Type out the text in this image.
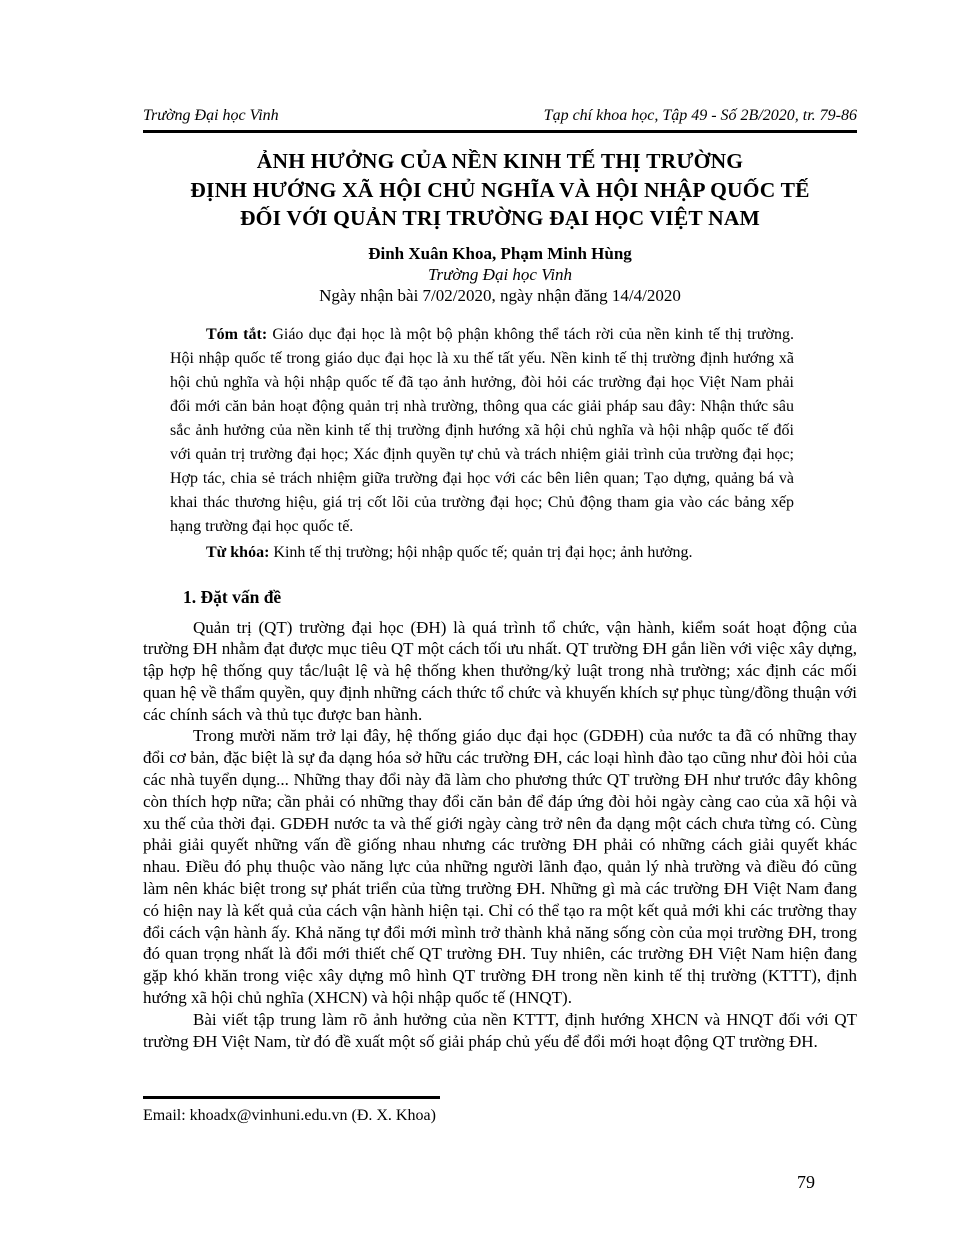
Trường Đại học Vinh	Tạp chí khoa học, Tập 49 - Số 2B/2020, tr. 79-86
ẢNH HƯỞNG CỦA NỀN KINH TẾ THỊ TRƯỜNG
ĐỊNH HƯỚNG XÃ HỘI CHỦ NGHĨA VÀ HỘI NHẬP QUỐC TẾ
ĐỐI VỚI QUẢN TRỊ TRƯỜNG ĐẠI HỌC VIỆT NAM
Đinh Xuân Khoa, Phạm Minh Hùng
Trường Đại học Vinh
Ngày nhận bài 7/02/2020, ngày nhận đăng 14/4/2020

Tóm tắt: Giáo dục đại học là một bộ phận không thể tách rời của nền kinh tế thị trường. Hội nhập quốc tế trong giáo dục đại học là xu thế tất yếu. Nền kinh tế thị trường định hướng xã hội chủ nghĩa và hội nhập quốc tế đã tạo ảnh hưởng, đòi hỏi các trường đại học Việt Nam phải đổi mới căn bản hoạt động quản trị nhà trường, thông qua các giải pháp sau đây: Nhận thức sâu sắc ảnh hưởng của nền kinh tế thị trường định hướng xã hội chủ nghĩa và hội nhập quốc tế đối với quản trị trường đại học; Xác định quyền tự chủ và trách nhiệm giải trình của trường đại học; Hợp tác, chia sẻ trách nhiệm giữa trường đại học với các bên liên quan; Tạo dựng, quảng bá và khai thác thương hiệu, giá trị cốt lõi của trường đại học; Chủ động tham gia vào các bảng xếp hạng trường đại học quốc tế.

Từ khóa: Kinh tế thị trường; hội nhập quốc tế; quản trị đại học; ảnh hưởng.

1. Đặt vấn đề

Quản trị (QT) trường đại học (ĐH) là quá trình tổ chức, vận hành, kiểm soát hoạt động của trường ĐH nhằm đạt được mục tiêu QT một cách tối ưu nhất. QT trường ĐH gắn liền với việc xây dựng, tập hợp hệ thống quy tắc/luật lệ và hệ thống khen thưởng/kỷ luật trong nhà trường; xác định các mối quan hệ về thẩm quyền, quy định những cách thức tổ chức và khuyến khích sự phục tùng/đồng thuận với các chính sách và thủ tục được ban hành.

Trong mười năm trở lại đây, hệ thống giáo dục đại học (GDĐH) của nước ta đã có những thay đổi cơ bản, đặc biệt là sự đa dạng hóa sở hữu các trường ĐH, các loại hình đào tạo cũng như đòi hỏi của các nhà tuyển dụng... Những thay đổi này đã làm cho phương thức QT trường ĐH như trước đây không còn thích hợp nữa; cần phải có những thay đổi căn bản để đáp ứng đòi hỏi ngày càng cao của xã hội và xu thế của thời đại. GDĐH nước ta và thế giới ngày càng trở nên đa dạng một cách chưa từng có. Cùng phải giải quyết những vấn đề giống nhau nhưng các trường ĐH phải có những cách giải quyết khác nhau. Điều đó phụ thuộc vào năng lực của những người lãnh đạo, quản lý nhà trường và điều đó cũng làm nên khác biệt trong sự phát triển của từng trường ĐH. Những gì mà các trường ĐH Việt Nam đang có hiện nay là kết quả của cách vận hành hiện tại. Chỉ có thể tạo ra một kết quả mới khi các trường thay đổi cách vận hành ấy. Khả năng tự đổi mới mình trở thành khả năng sống còn của mọi trường ĐH, trong đó quan trọng nhất là đổi mới thiết chế QT trường ĐH. Tuy nhiên, các trường ĐH Việt Nam hiện đang gặp khó khăn trong việc xây dựng mô hình QT trường ĐH trong nền kinh tế thị trường (KTTT), định hướng xã hội chủ nghĩa (XHCN) và hội nhập quốc tế (HNQT).

Bài viết tập trung làm rõ ảnh hưởng của nền KTTT, định hướng XHCN và HNQT đối với QT trường ĐH Việt Nam, từ đó đề xuất một số giải pháp chủ yếu để đổi mới hoạt động QT trường ĐH.

Email: khoadx@vinhuni.edu.vn (Đ. X. Khoa)
79
